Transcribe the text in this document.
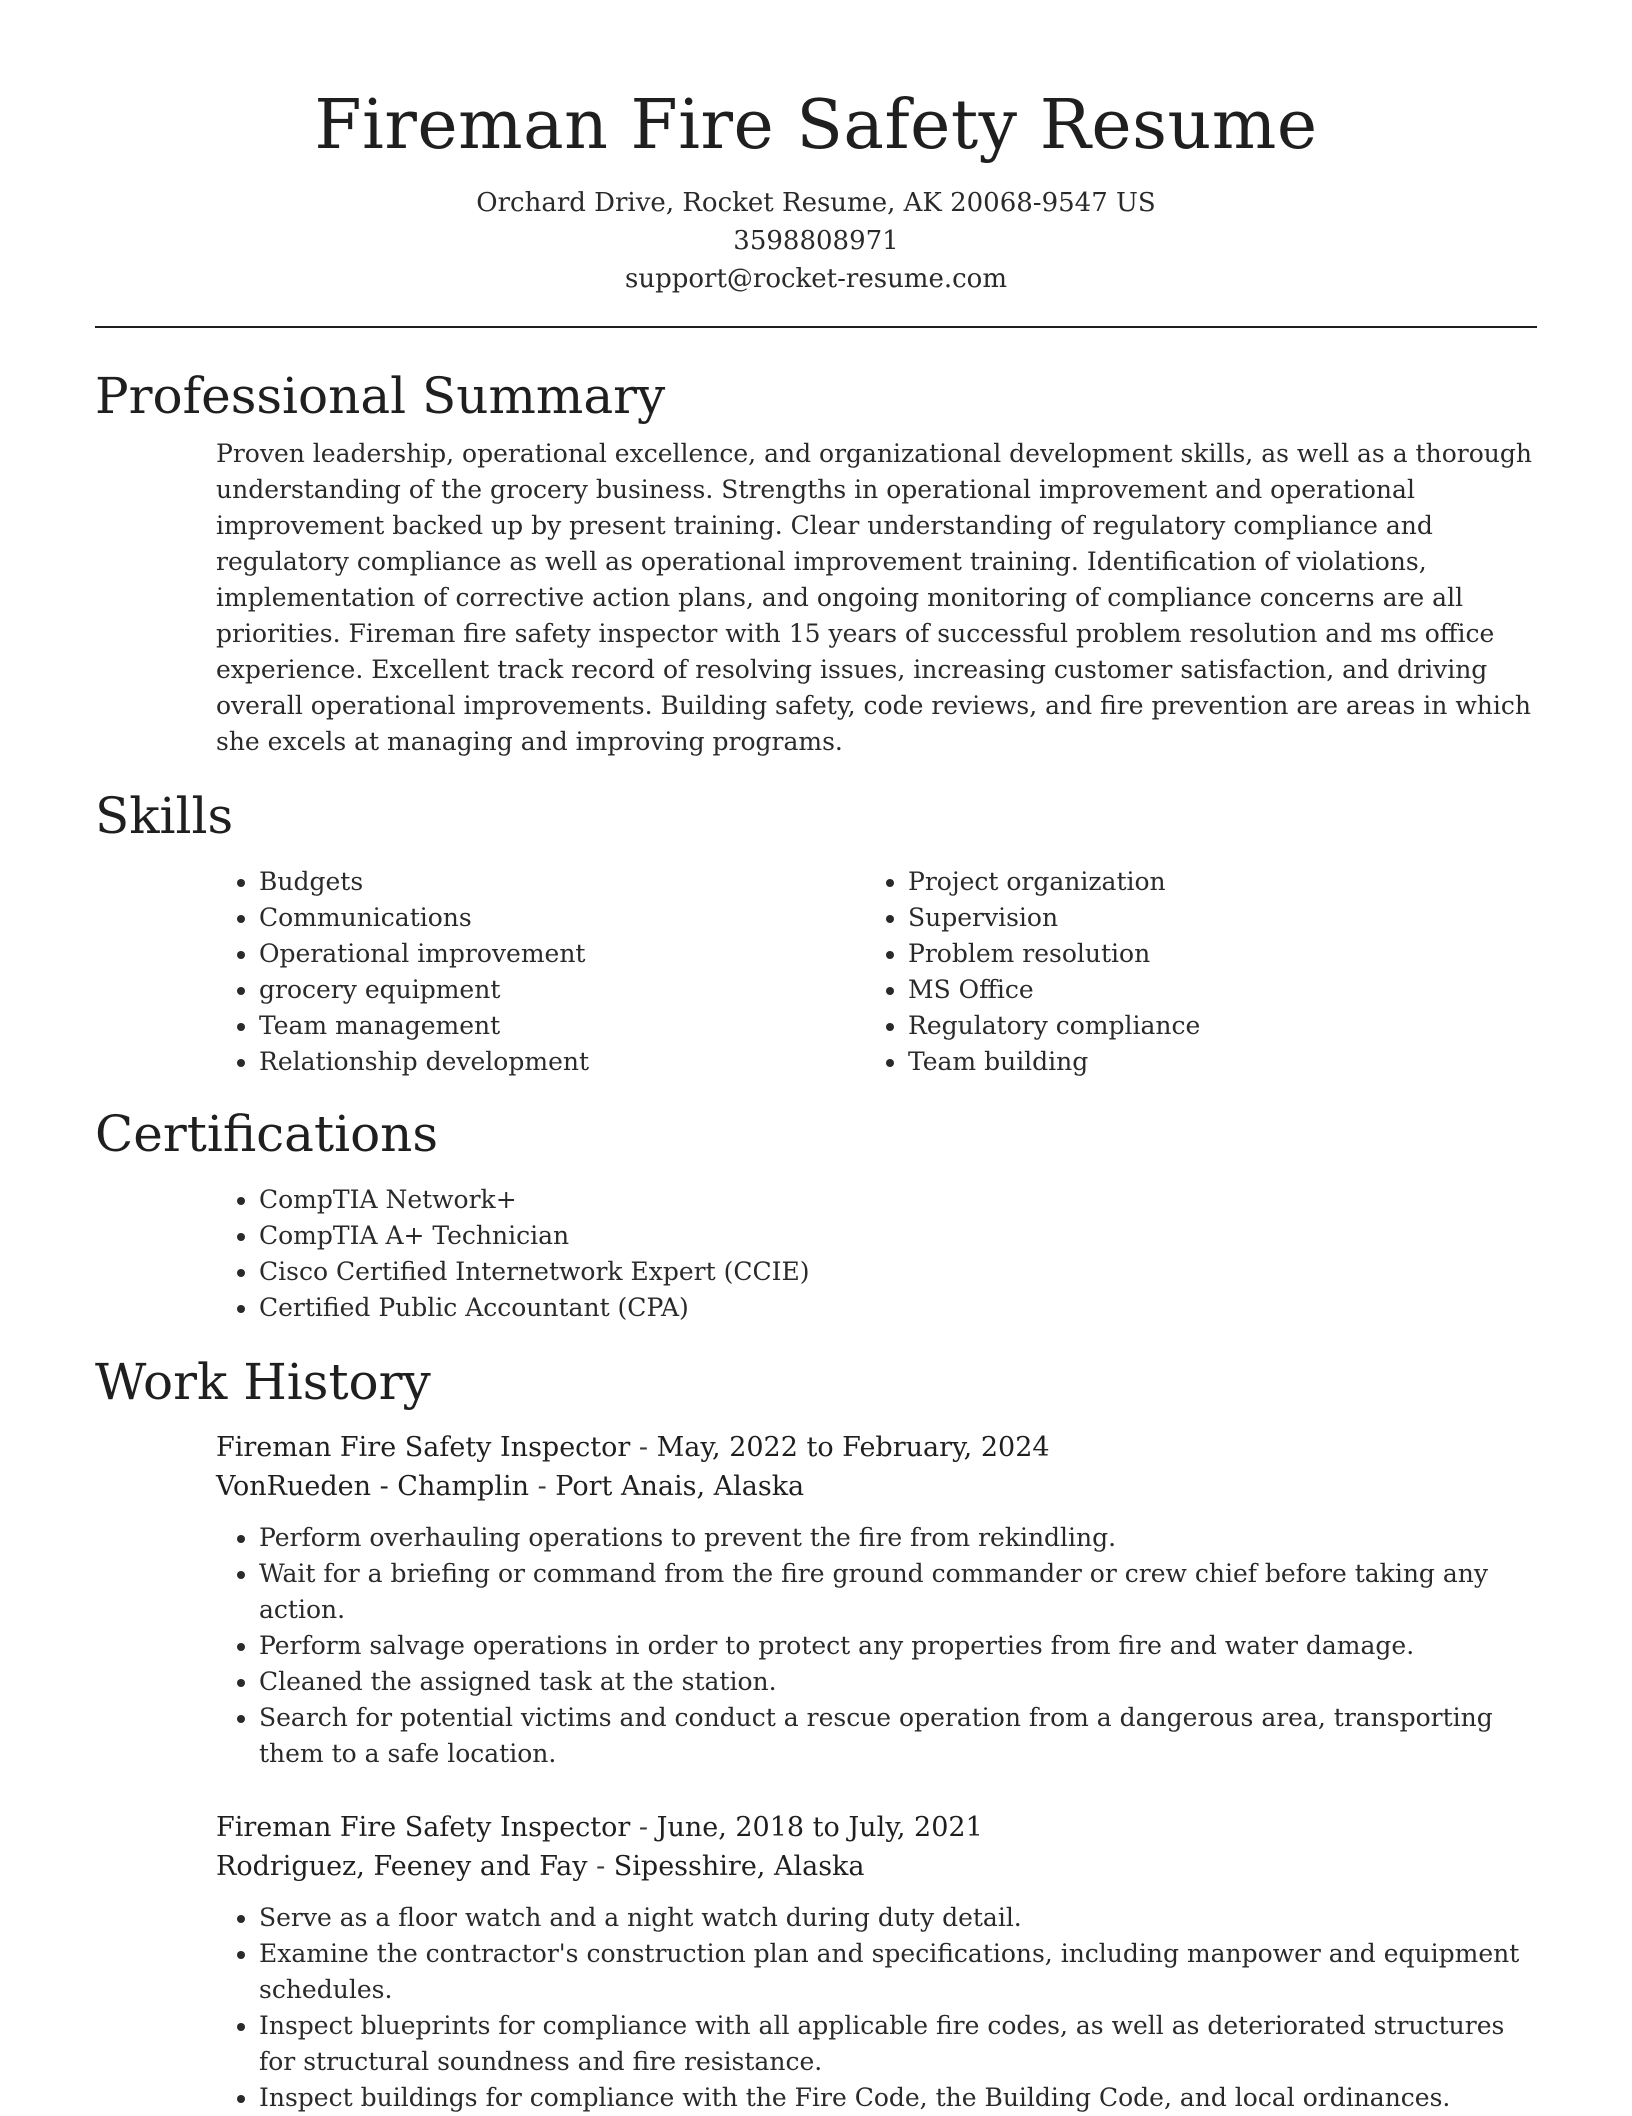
Fireman Fire Safety Resume
Orchard Drive, Rocket Resume, AK 20068-9547 US
3598808971
support@rocket-resume.com
Professional Summary

Proven leadership, operational excellence, and organizational development skills, as well as a thorough understanding of the grocery business. Strengths in operational improvement and operational improvement backed up by present training. Clear understanding of regulatory compliance and regulatory compliance as well as operational improvement training. Identification of violations, implementation of corrective action plans, and ongoing monitoring of compliance concerns are all priorities. Fireman fire safety inspector with 15 years of successful problem resolution and ms office experience. Excellent track record of resolving issues, increasing customer satisfaction, and driving overall operational improvements. Building safety, code reviews, and fire prevention are areas in which she excels at managing and improving programs.

Skills
• Budgets
• Communications
• Operational improvement
• grocery equipment
• Team management
• Relationship development
• Project organization
• Supervision
• Problem resolution
• MS Office
• Regulatory compliance
• Team building
Certifications
• CompTIA Network+
• CompTIA A+ Technician
• Cisco Certified Internetwork Expert (CCIE)
• Certified Public Accountant (CPA)
Work History
Fireman Fire Safety Inspector - May, 2022 to February, 2024
VonRueden - Champlin - Port Anais, Alaska
• Perform overhauling operations to prevent the fire from rekindling.
• Wait for a briefing or command from the fire ground commander or crew chief before taking any action.
• Perform salvage operations in order to protect any properties from fire and water damage.
• Cleaned the assigned task at the station.
• Search for potential victims and conduct a rescue operation from a dangerous area, transporting them to a safe location.
Fireman Fire Safety Inspector - June, 2018 to July, 2021
Rodriguez, Feeney and Fay - Sipesshire, Alaska
• Serve as a floor watch and a night watch during duty detail.
• Examine the contractor's construction plan and specifications, including manpower and equipment schedules.
• Inspect blueprints for compliance with all applicable fire codes, as well as deteriorated structures for structural soundness and fire resistance.
• Inspect buildings for compliance with the Fire Code, the Building Code, and local ordinances.
